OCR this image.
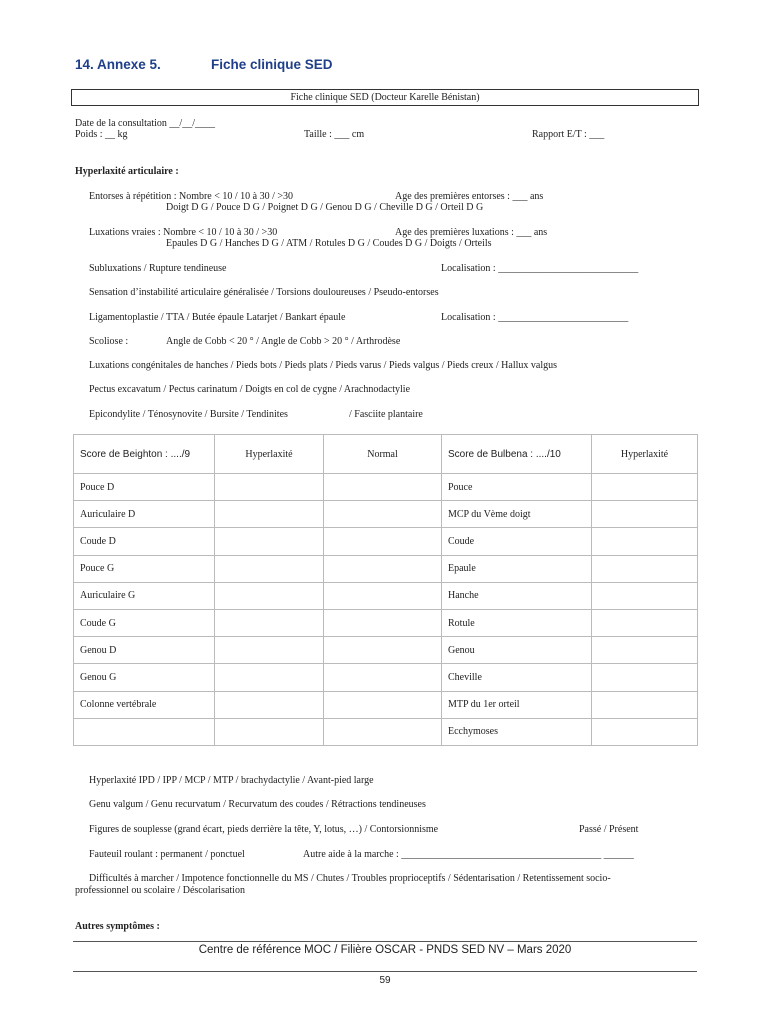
14. Annexe 5.	Fiche clinique SED
Fiche clinique SED (Docteur Karelle Bénistan)
Date de la consultation __/__/____
Poids : __ kg	Taille : ___ cm	Rapport E/T : ___
Hyperlaxité articulaire :
Entorses à répétition : Nombre < 10 / 10 à 30 / >30	Age des premières entorses : ___ ans
Doigt D G / Pouce D G / Poignet D G / Genou D G / Cheville D G / Orteil D G
Luxations vraies : Nombre < 10 / 10 à 30 / >30	Age des premières luxations : ___ ans
Epaules D G / Hanches D G / ATM / Rotules D G / Coudes D G / Doigts / Orteils
Subluxations / Rupture tendineuse	Localisation : ____________________________
Sensation d’instabilité articulaire généralisée / Torsions douloureuses / Pseudo-entorses
Ligamentoplastie / TTA / Butée épaule Latarjet / Bankart épaule	Localisation : __________________________
Scoliose :	Angle de Cobb < 20 ° / Angle de Cobb > 20 ° / Arthrodèse
Luxations congénitales de hanches / Pieds bots / Pieds plats / Pieds varus / Pieds valgus / Pieds creux / Hallux valgus
Pectus excavatum / Pectus carinatum / Doigts en col de cygne / Arachnodactylie
Epicondylite / Ténosynovite / Bursite / Tendinites	/ Fasciite plantaire
Score de Beighton : ..../9	Hyperlaxité	Normal	Score de Bulbena : ..../10	Hyperlaxité
Pouce D			Pouce	
Auriculaire D			MCP du Vème doigt	
Coude D			Coude	
Pouce G			Epaule	
Auriculaire G			Hanche	
Coude G			Rotule	
Genou D			Genou	
Genou G			Cheville	
Colonne vertébrale			MTP du 1er orteil	
			Ecchymoses	
Hyperlaxité IPD / IPP / MCP / MTP / brachydactylie / Avant-pied large
Genu valgum / Genu recurvatum / Recurvatum des coudes / Rétractions tendineuses
Figures de souplesse (grand écart, pieds derrière la tête, Y, lotus, …) / Contorsionnisme	Passé / Présent
Fauteuil roulant : permanent / ponctuel	Autre aide à la marche : ________________________________________ ______
Difficultés à marcher / Impotence fonctionnelle du MS / Chutes / Troubles proprioceptifs / Sédentarisation / Retentissement socio-
professionnel ou scolaire / Déscolarisation
Autres symptômes :
Centre de référence MOC / Filière OSCAR - PNDS SED NV – Mars 2020
59
